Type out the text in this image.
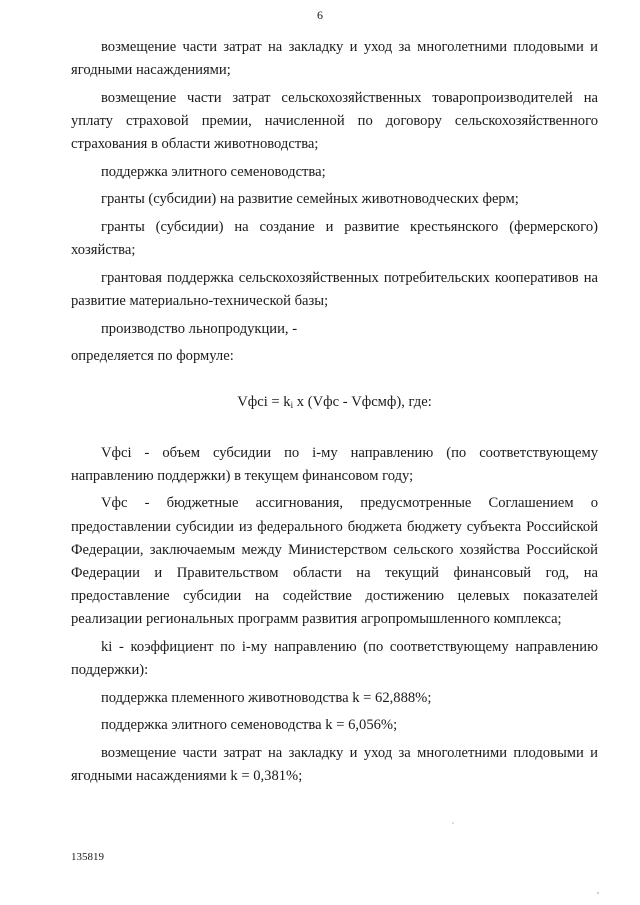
6

возмещение части затрат на закладку и уход за многолетними плодовыми и ягодными насаждениями;

возмещение части затрат сельскохозяйственных товаропроизводителей на уплату страховой премии, начисленной по договору сельскохозяйственного страхования в области животноводства;

поддержка элитного семеноводства;

гранты (субсидии) на развитие семейных животноводческих ферм;

гранты (субсидии) на создание и развитие крестьянского (фермерского) хозяйства;

грантовая поддержка сельскохозяйственных потребительских кооперативов на развитие материально-технической базы;

производство льнопродукции, -

определяется по формуле:

Vфсi = $k_i$ x (Vфс - Vфсмф), где:

Vфсi - объем субсидии по i-му направлению (по соответствующему направлению поддержки) в текущем финансовом году;

Vфс - бюджетные ассигнования, предусмотренные Соглашением о предоставлении субсидии из федерального бюджета бюджету субъекта Российской Федерации, заключаемым между Министерством сельского хозяйства Российской Федерации и Правительством области на текущий финансовый год, на предоставление субсидии на содействие достижению целевых показателей реализации региональных программ развития агропромышленного комплекса;

ki - коэффициент по i-му направлению (по соответствующему направлению поддержки):

поддержка племенного животноводства k = 62,888%;

поддержка элитного семеноводства k = 6,056%;

возмещение части затрат на закладку и уход за многолетними плодовыми и ягодными насаждениями k = 0,381%;

135819
